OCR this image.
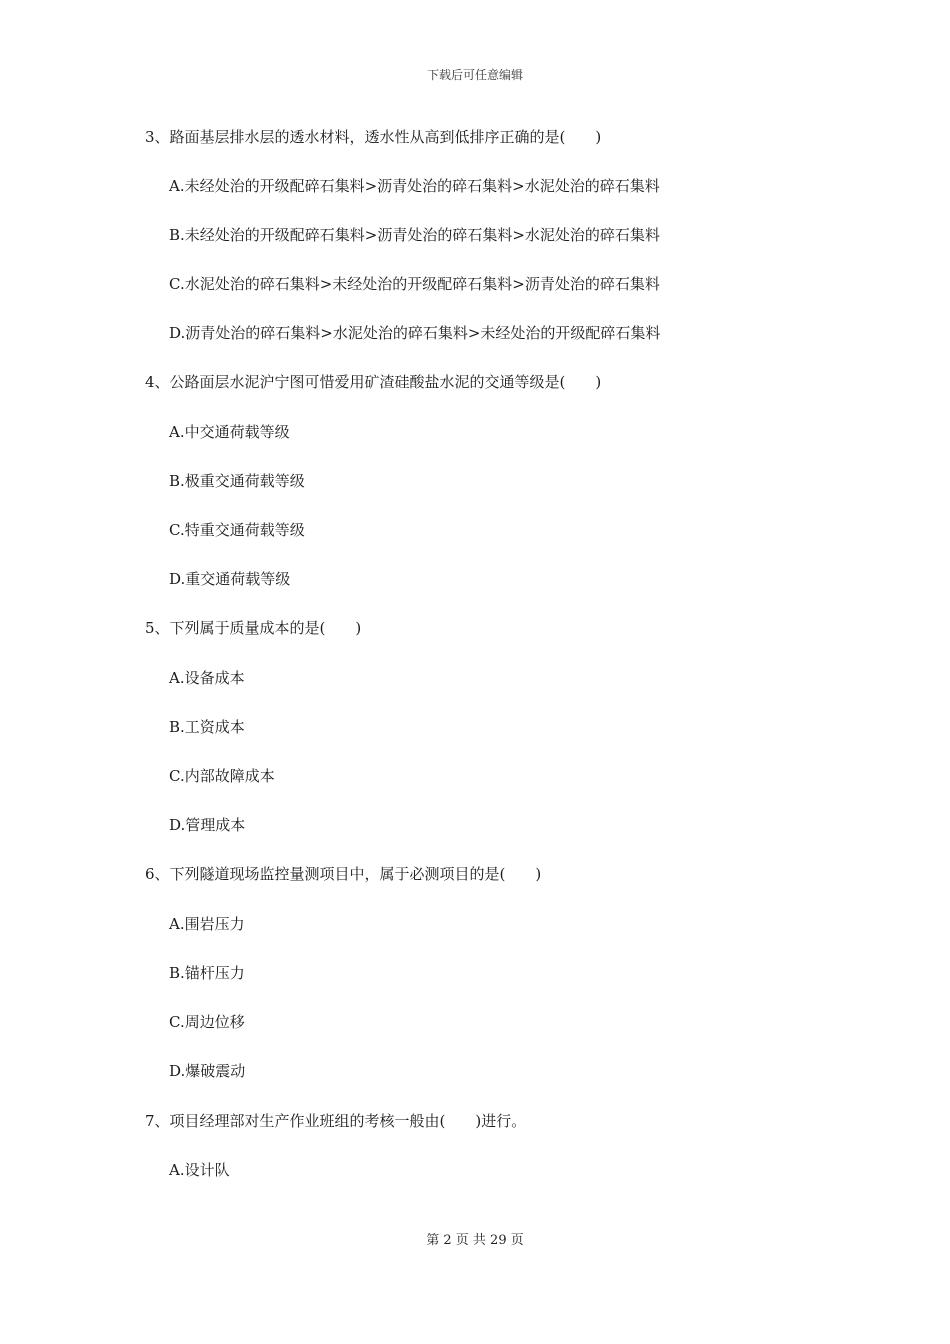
下载后可任意编辑
3、路面基层排水层的透水材料，透水性从高到低排序正确的是(　　)
A.未经处治的开级配碎石集料>沥青处治的碎石集料>水泥处治的碎石集料
B.未经处治的开级配碎石集料>沥青处治的碎石集料>水泥处治的碎石集料
C.水泥处治的碎石集料>未经处治的开级配碎石集料>沥青处治的碎石集料
D.沥青处治的碎石集料>水泥处治的碎石集料>未经处治的开级配碎石集料
4、公路面层水泥沪宁图可惜爱用矿渣硅酸盐水泥的交通等级是(　　)
A.中交通荷载等级
B.极重交通荷载等级
C.特重交通荷载等级
D.重交通荷载等级
5、下列属于质量成本的是(　　)
A.设备成本
B.工资成本
C.内部故障成本
D.管理成本
6、下列隧道现场监控量测项目中，属于必测项目的是(　　)
A.围岩压力
B.锚杆压力
C.周边位移
D.爆破震动
7、项目经理部对生产作业班组的考核一般由(　　)进行。
A.设计队
第 2 页 共 29 页
